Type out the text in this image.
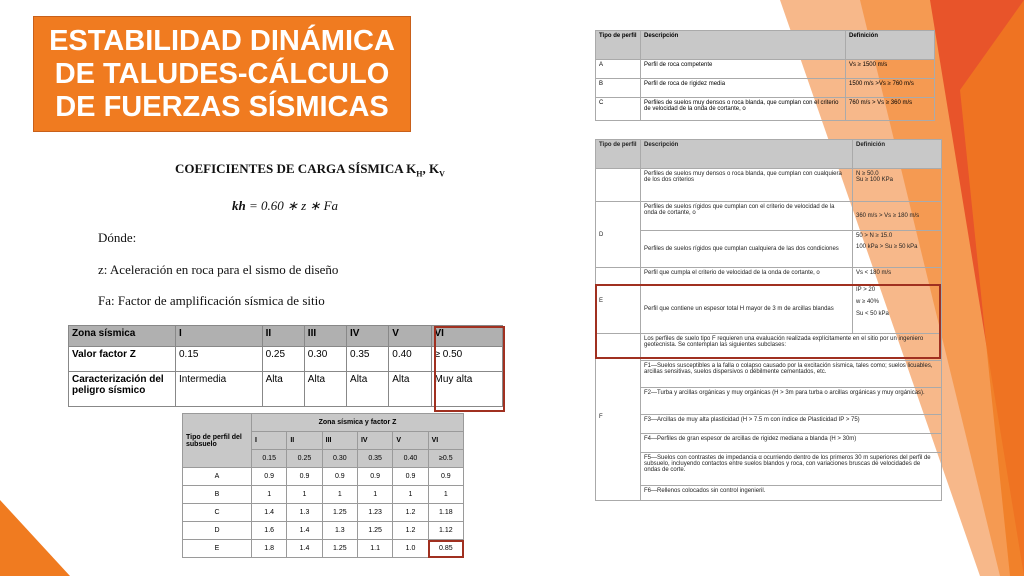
ESTABILIDAD DINÁMICA DE TALUDES-CÁLCULO DE FUERZAS SÍSMICAS
COEFICIENTES DE CARGA SÍSMICA $K_H$, $K_V$
kh = 0.60 ∗ z ∗ Fa
Dónde:
z: Aceleración en roca para el sismo de diseño
Fa: Factor de amplificación sísmica de sitio
Zona sísmica	I	II	III	IV	V	VI
Valor factor Z	0.15	0.25	0.30	0.35	0.40	≥ 0.50
Caracterización del peligro sísmico	Intermedia	Alta	Alta	Alta	Alta	Muy alta
Tipo de perfil del subsuelo	Zona sísmica y factor Z					
	I	II	III	IV	V	VI
	0.15	0.25	0.30	0.35	0.40	≥0.5
A	0.9	0.9	0.9	0.9	0.9	0.9
B	1	1	1	1	1	1
C	1.4	1.3	1.25	1.23	1.2	1.18
D	1.6	1.4	1.3	1.25	1.2	1.12
E	1.8	1.4	1.25	1.1	1.0	0.85
Tipo de perfil	Descripción	Definición
A	Perfil de roca competente	Vs ≥ 1500 m/s
B	Perfil de roca de rigidez media	1500 m/s >Vs ≥ 760 m/s
C	Perfiles de suelos muy densos o roca blanda, que cumplan con el criterio de velocidad de la onda de cortante, o	760 m/s > Vs ≥ 360 m/s
Tipo de perfil	Descripción	Definición
	Perfiles de suelos muy densos o roca blanda, que cumplan con cualquiera de los dos criterios	N ≥ 50.0
Su ≥ 100 KPa

D	Perfiles de suelos rígidos que cumplan con el criterio de velocidad de la onda de cortante, o	360 m/s > Vs ≥ 180 m/s
	Perfiles de suelos rígidos que cumplan cualquiera de las dos condiciones	50 > N ≥ 15.0
100 kPa > Su ≥ 50 kPa

E	Perfil que cumpla el criterio de velocidad de la onda de cortante, o	Vs < 180 m/s
	Perfil que contiene un espesor total H mayor de 3 m de arcillas blandas	IP > 20
w ≥ 40%
Su < 50 kPa

F	Los perfiles de suelo tipo F requieren una evaluación realizada explícitamente en el sitio por un ingeniero geotecnista. Se contemplan las siguientes subclases:	
	F1—Suelos susceptibles a la falla o colapso causado por la excitación sísmica, tales como; suelos licuables, arcillas sensitivas, suelos dispersivos o débilmente cementados, etc.	
	F2—Turba y arcillas orgánicas y muy orgánicas (H > 3m para turba o arcillas orgánicas y muy orgánicas).	
	F3—Arcillas de muy alta plasticidad (H > 7.5 m con índice de Plasticidad IP > 75)	
	F4—Perfiles de gran espesor de arcillas de rigidez mediana a blanda (H > 30m)	
	F5—Suelos con contrastes de impedancia α ocurriendo dentro de los primeros 30 m superiores del perfil de subsuelo, incluyendo contactos entre suelos blandos y roca, con variaciones bruscas de velocidades de ondas de corte.	
	F6—Rellenos colocados sin control ingenieril.	
